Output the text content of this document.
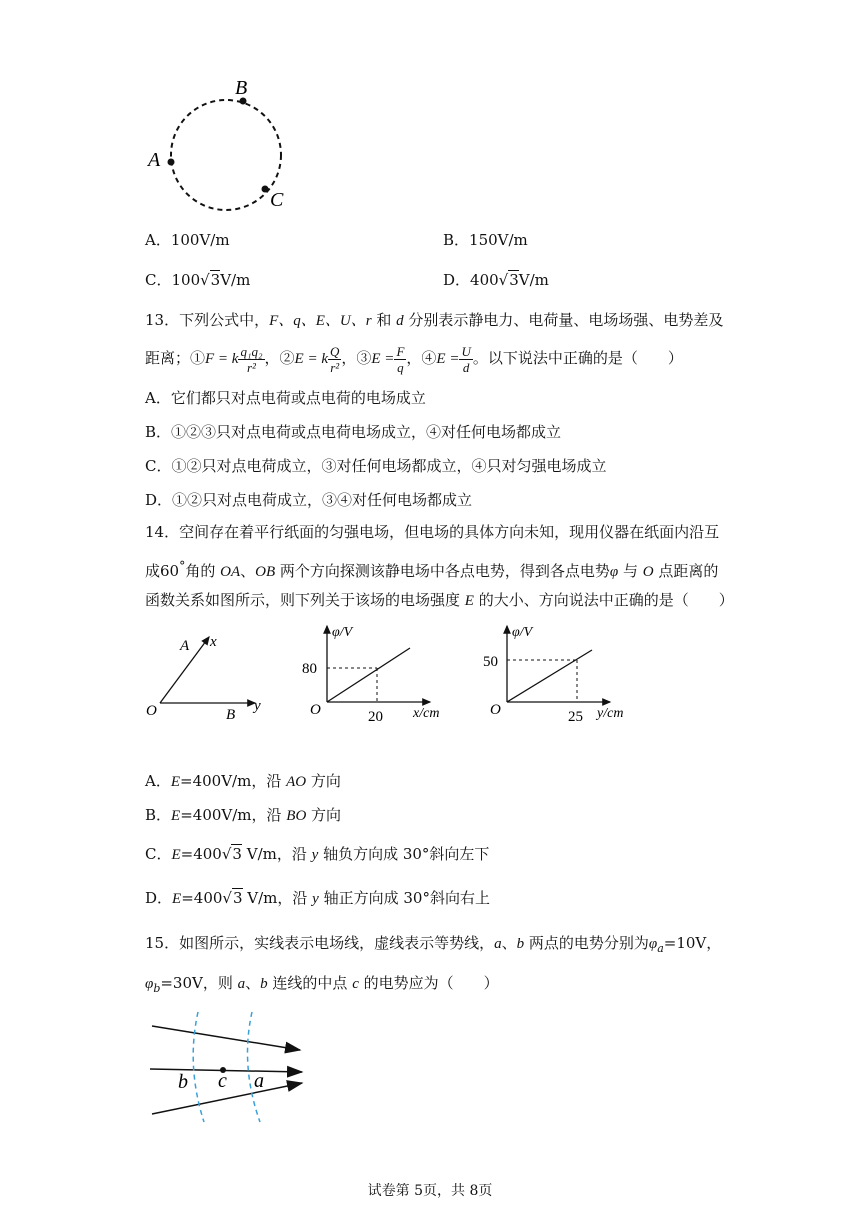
A
B
C
A．100V/m	B．150V/m
C．100√3V/m	D．400√3V/m
13．下列公式中，F、q、E、U、r 和 d 分别表示静电力、电荷量、电场场强、电势差及
距离；①F = k $\frac{\text{q₁q₂}}{\text{r²}}$ ，②E = k $\frac{Q}{\text{r²}}$ ，③E = $\frac{F}{q}$ ，④E = $\frac{U}{d}$ 。以下说法中正确的是（　　）
A．它们都只对点电荷或点电荷的电场成立
B．①②③只对点电荷或点电荷电场成立，④对任何电场都成立
C．①②只对点电荷成立，③对任何电场都成立，④只对匀强电场成立
D．①②只对点电荷成立，③④对任何电场都成立
14．空间存在着平行纸面的匀强电场，但电场的具体方向未知，现用仪器在纸面内沿互
成60°角的 OA、OB 两个方向探测该静电场中各点电势，得到各点电势φ 与 O 点距离的
函数关系如图所示，则下列关于该场的电场强度 E 的大小、方向说法中正确的是（　　）
O
A x
B
y
φ/V
80
O	20 x/cm
φ/V
50
O	25 y/cm
A．E=400V/m，沿 AO 方向
B．E=400V/m，沿 BO 方向
C．E=400√3 V/m，沿 y 轴负方向成 30°斜向左下
D．E=400√3 V/m，沿 y 轴正方向成 30°斜向右上
15．如图所示，实线表示电场线，虚线表示等势线，a、b 两点的电势分别为$\varphi_a=10V$，
$\varphi_b=30V$，则 a、b 连线的中点 c 的电势应为（　　）
b c a
试卷第 5页，共 8页
